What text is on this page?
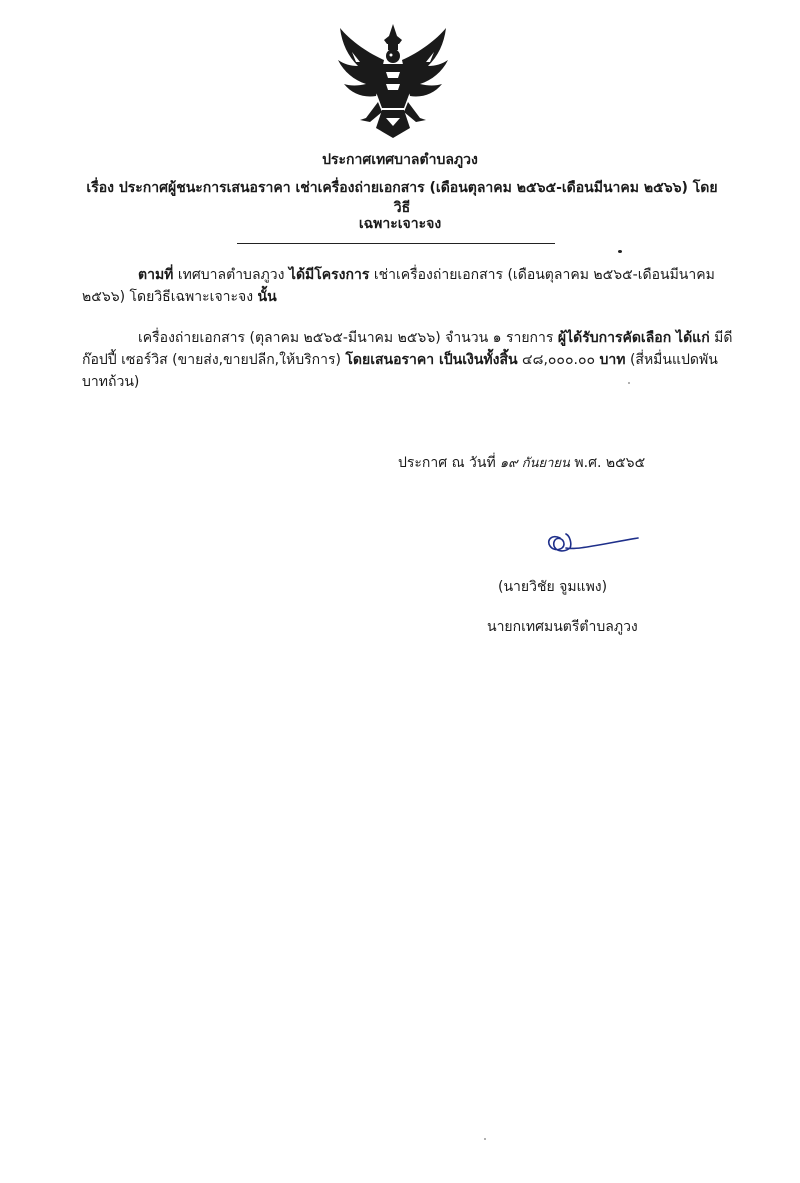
ประกาศเทศบาลตำบลภูวง
เรื่อง ประกาศผู้ชนะการเสนอราคา เช่าเครื่องถ่ายเอกสาร (เดือนตุลาคม ๒๕๖๕-เดือนมีนาคม ๒๕๖๖) โดยวิธี
เฉพาะเจาะจง
ตามที่ เทศบาลตำบลภูวง ได้มีโครงการ เช่าเครื่องถ่ายเอกสาร (เดือนตุลาคม ๒๕๖๕-เดือนมีนาคม ๒๕๖๖) โดยวิธีเฉพาะเจาะจง นั้น
เครื่องถ่ายเอกสาร (ตุลาคม ๒๕๖๕-มีนาคม ๒๕๖๖) จำนวน ๑ รายการ ผู้ได้รับการคัดเลือก ได้แก่ มีดี ก๊อปปี้ เซอร์วิส (ขายส่ง,ขายปลีก,ให้บริการ) โดยเสนอราคา เป็นเงินทั้งสิ้น ๔๘,๐๐๐.๐๐ บาท (สี่หมื่นแปดพันบาทถ้วน)
ประกาศ ณ วันที่ ๑๙ กันยายน พ.ศ. ๒๕๖๕
(นายวิชัย จูมแพง)
นายกเทศมนตรีตำบลภูวง
